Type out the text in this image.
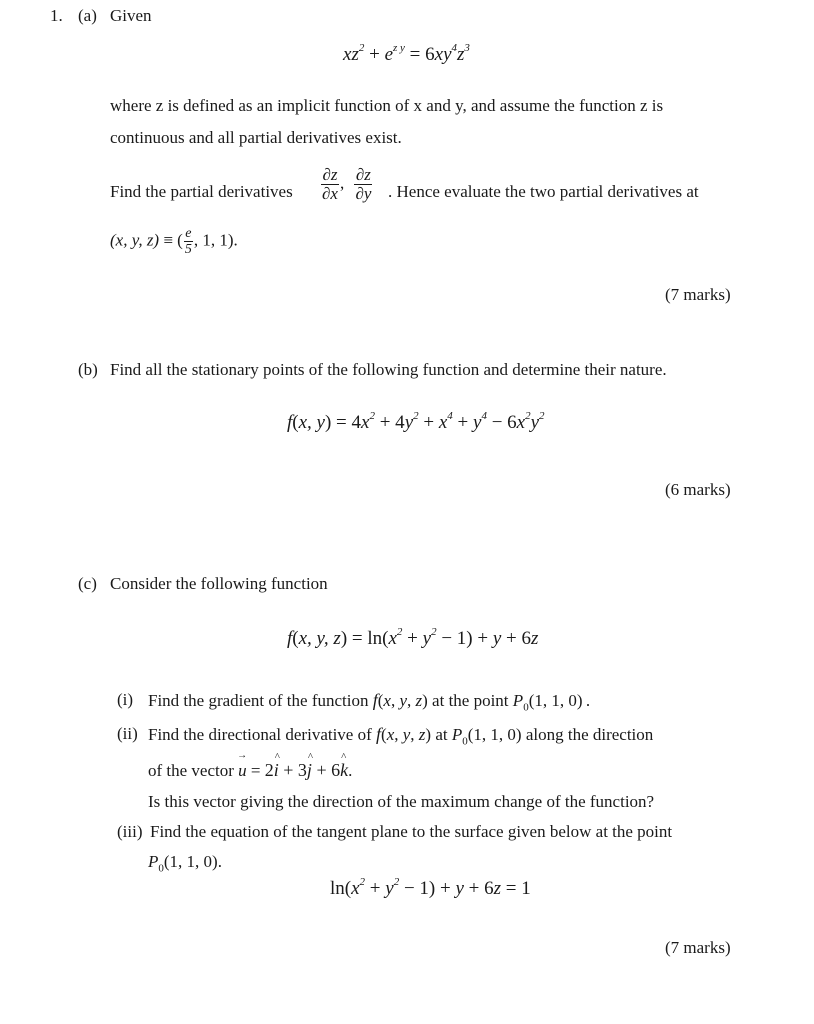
1. (a) Given
$xz^2 + e^{z y} = 6xy^4z^3$
where z is defined as an implicit function of x and y, and assume the function z is
continuous and all partial derivatives exist.
Find the partial derivatives $\frac{\partial z}{\partial x}$ , $\frac{\partial z}{\partial y}$ . Hence evaluate the two partial derivatives at
(x, y, z) ≡ ( $\frac{e}{5}$ , 1, 1).
(7 marks)
(b) Find all the stationary points of the following function and determine their nature.
f(x, $y) = 4x^2 + 4y^2 + x^4 + y^4 - 6x^2y^2$
(6 marks)
(c) Consider the following function
f(x, y, $z) = \ln(x^2 + y^2 - 1) + y + 6z$
(i) Find the gradient of the function f(x, y, z) at the point $P_0(1$, 1, 0) .
(ii) Find the directional derivative of f(x, y, z) at $P_0(1$, 1, 0) along the direction
of the vector u → = 2i ^ + 3j ^ + 6k ^.
Is this vector giving the direction of the maximum change of the function?
(iii) Find the equation of the tangent plane to the surface given below at the point
$P_0(1$, 1, 0).
$\ln(x^2 + y^2 - 1) + y + 6z = 1$
(7 marks)
